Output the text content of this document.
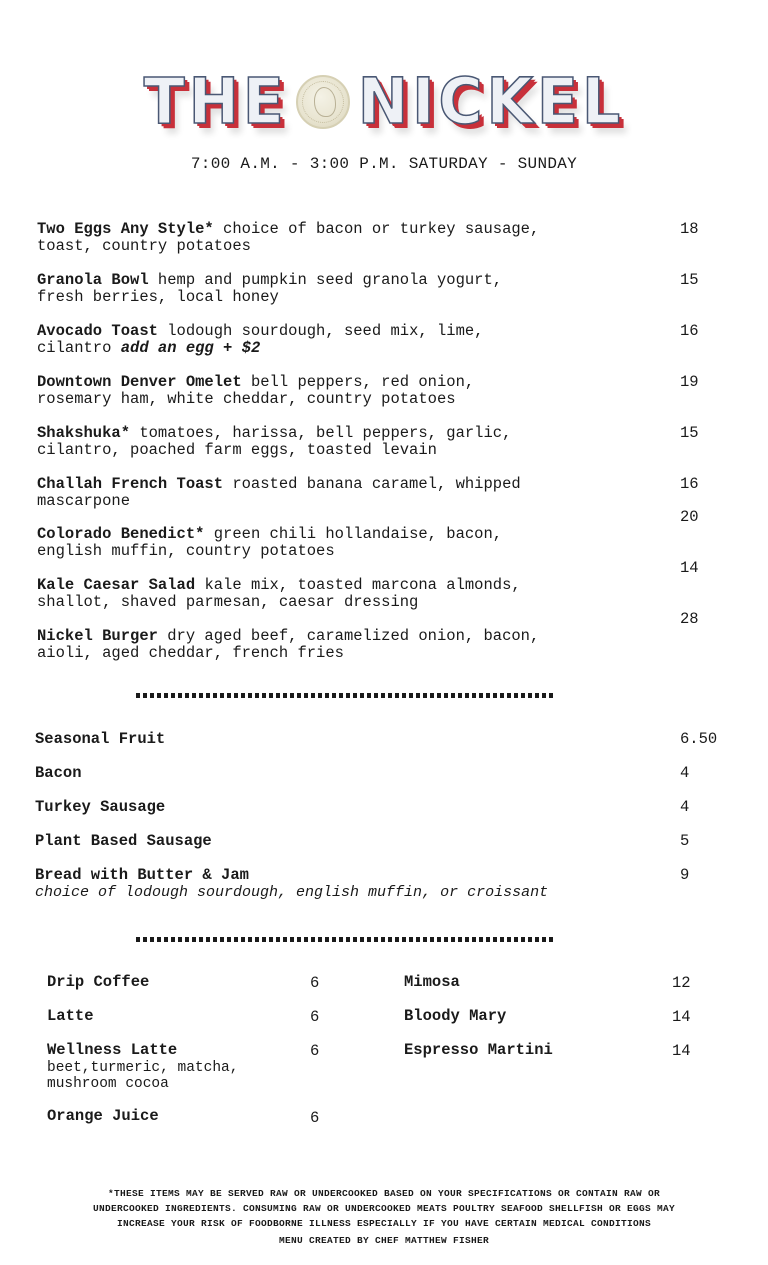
THE NICKEL
7:00 A.M. - 3:00 P.M. SATURDAY - SUNDAY
Two Eggs Any Style* choice of bacon or turkey sausage,
toast, country potatoes
18
Granola Bowl hemp and pumpkin seed granola yogurt,
fresh berries, local honey
15
Avocado Toast lodough sourdough, seed mix, lime,
cilantro add an egg + $2
16
Downtown Denver Omelet bell peppers, red onion,
rosemary ham, white cheddar, country potatoes
19
Shakshuka* tomatoes, harissa, bell peppers, garlic,
cilantro, poached farm eggs, toasted levain
15
Challah French Toast roasted banana caramel, whipped
mascarpone
16
Colorado Benedict* green chili hollandaise, bacon,
english muffin, country potatoes
20
Kale Caesar Salad kale mix, toasted marcona almonds,
shallot, shaved parmesan, caesar dressing
14
Nickel Burger dry aged beef, caramelized onion, bacon,
aioli, aged cheddar, french fries
28
Seasonal Fruit	6.50
Bacon	4
Turkey Sausage	4
Plant Based Sausage	5
Bread with Butter & Jam	9
choice of lodough sourdough, english muffin, or croissant
Drip Coffee	6
Latte	6
Wellness Latte	6
beet,turmeric, matcha,
mushroom cocoa
Orange Juice	6
Mimosa	12
Bloody Mary	14
Espresso Martini	14
*THESE ITEMS MAY BE SERVED RAW OR UNDERCOOKED BASED ON YOUR SPECIFICATIONS OR CONTAIN RAW OR
UNDERCOOKED INGREDIENTS. CONSUMING RAW OR UNDERCOOKED MEATS POULTRY SEAFOOD SHELLFISH OR EGGS MAY
INCREASE YOUR RISK OF FOODBORNE ILLNESS ESPECIALLY IF YOU HAVE CERTAIN MEDICAL CONDITIONS
MENU CREATED BY CHEF MATTHEW FISHER
